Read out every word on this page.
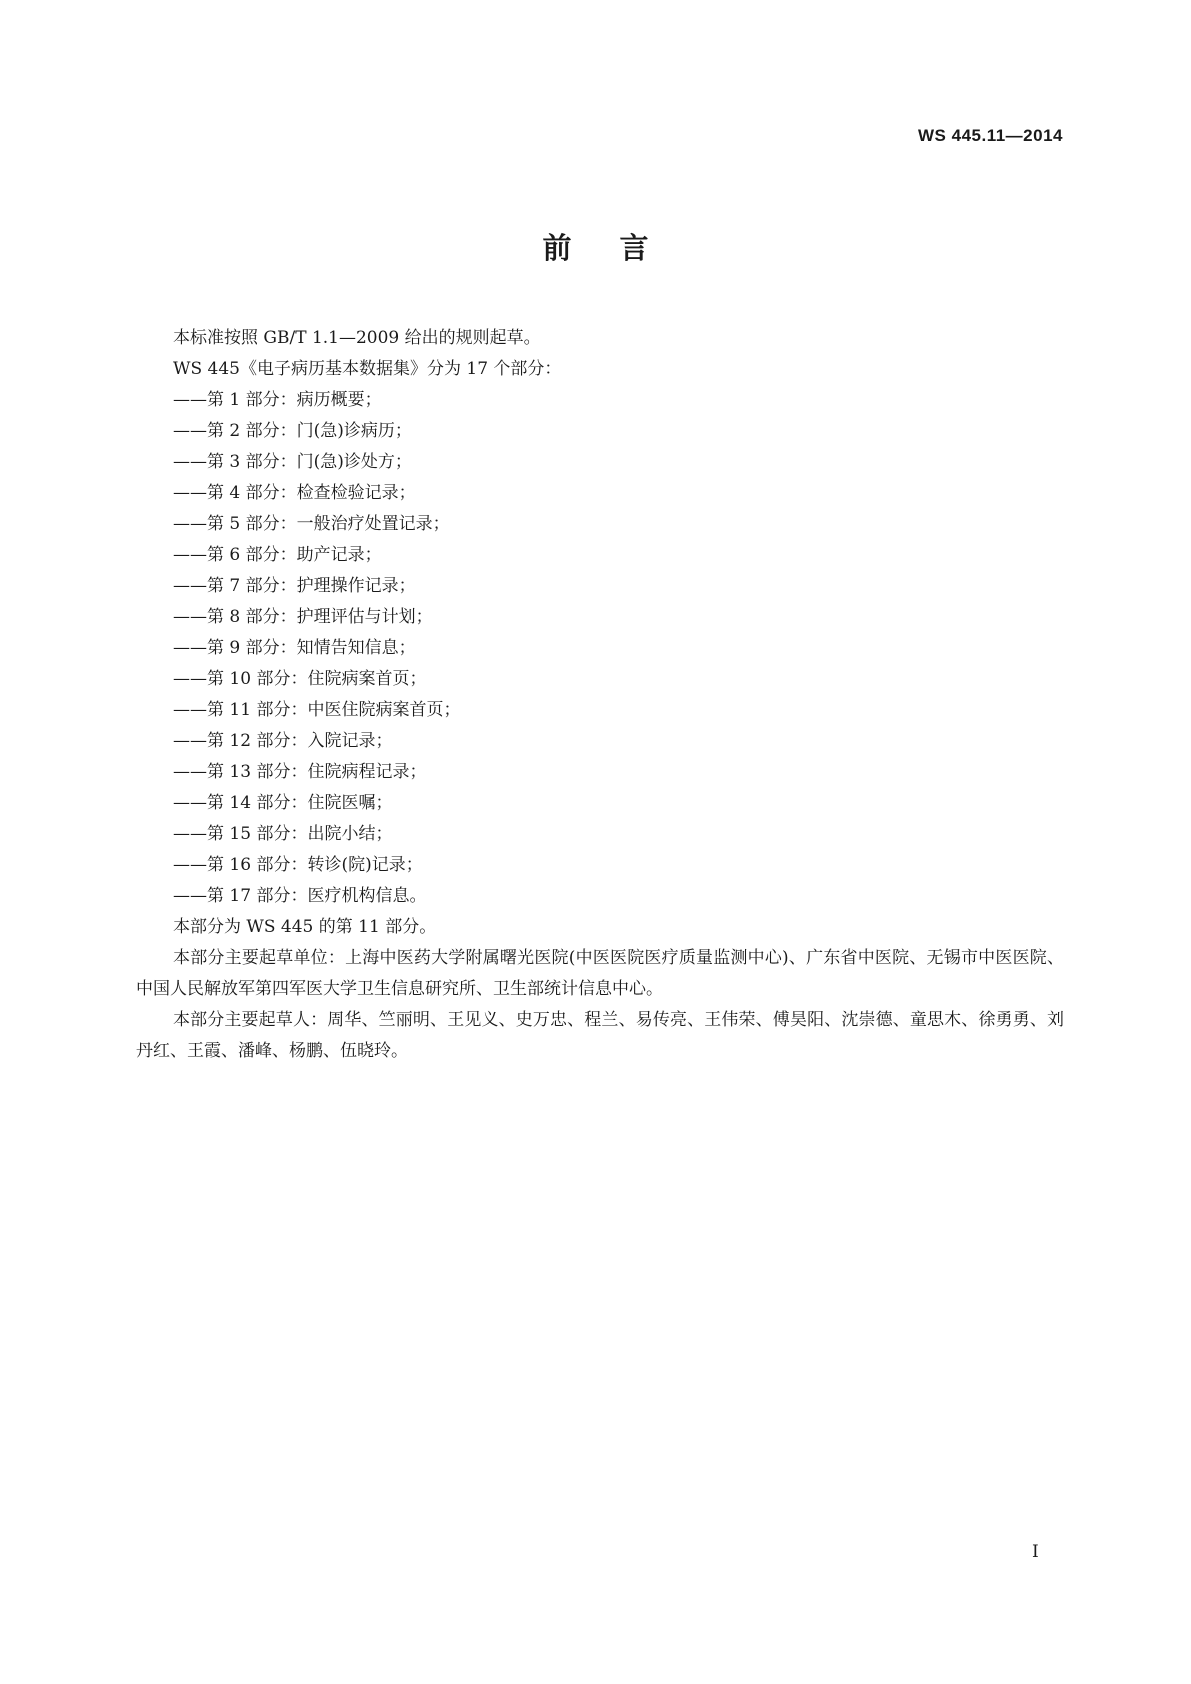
WS 445.11—2014
前言

本标准按照 GB/T 1.1—2009 给出的规则起草。

WS 445《电子病历基本数据集》分为 17 个部分：

——第 1 部分：病历概要；

——第 2 部分：门(急)诊病历；

——第 3 部分：门(急)诊处方；

——第 4 部分：检查检验记录；

——第 5 部分：一般治疗处置记录；

——第 6 部分：助产记录；

——第 7 部分：护理操作记录；

——第 8 部分：护理评估与计划；

——第 9 部分：知情告知信息；

——第 10 部分：住院病案首页；

——第 11 部分：中医住院病案首页；

——第 12 部分：入院记录；

——第 13 部分：住院病程记录；

——第 14 部分：住院医嘱；

——第 15 部分：出院小结；

——第 16 部分：转诊(院)记录；

——第 17 部分：医疗机构信息。

本部分为 WS 445 的第 11 部分。

本部分主要起草单位：上海中医药大学附属曙光医院(中医医院医疗质量监测中心)、广东省中医院、无锡市中医医院、中国人民解放军第四军医大学卫生信息研究所、卫生部统计信息中心。

本部分主要起草人：周华、竺丽明、王见义、史万忠、程兰、易传亮、王伟荣、傅昊阳、沈崇德、童思木、徐勇勇、刘丹红、王霞、潘峰、杨鹏、伍晓玲。

I
